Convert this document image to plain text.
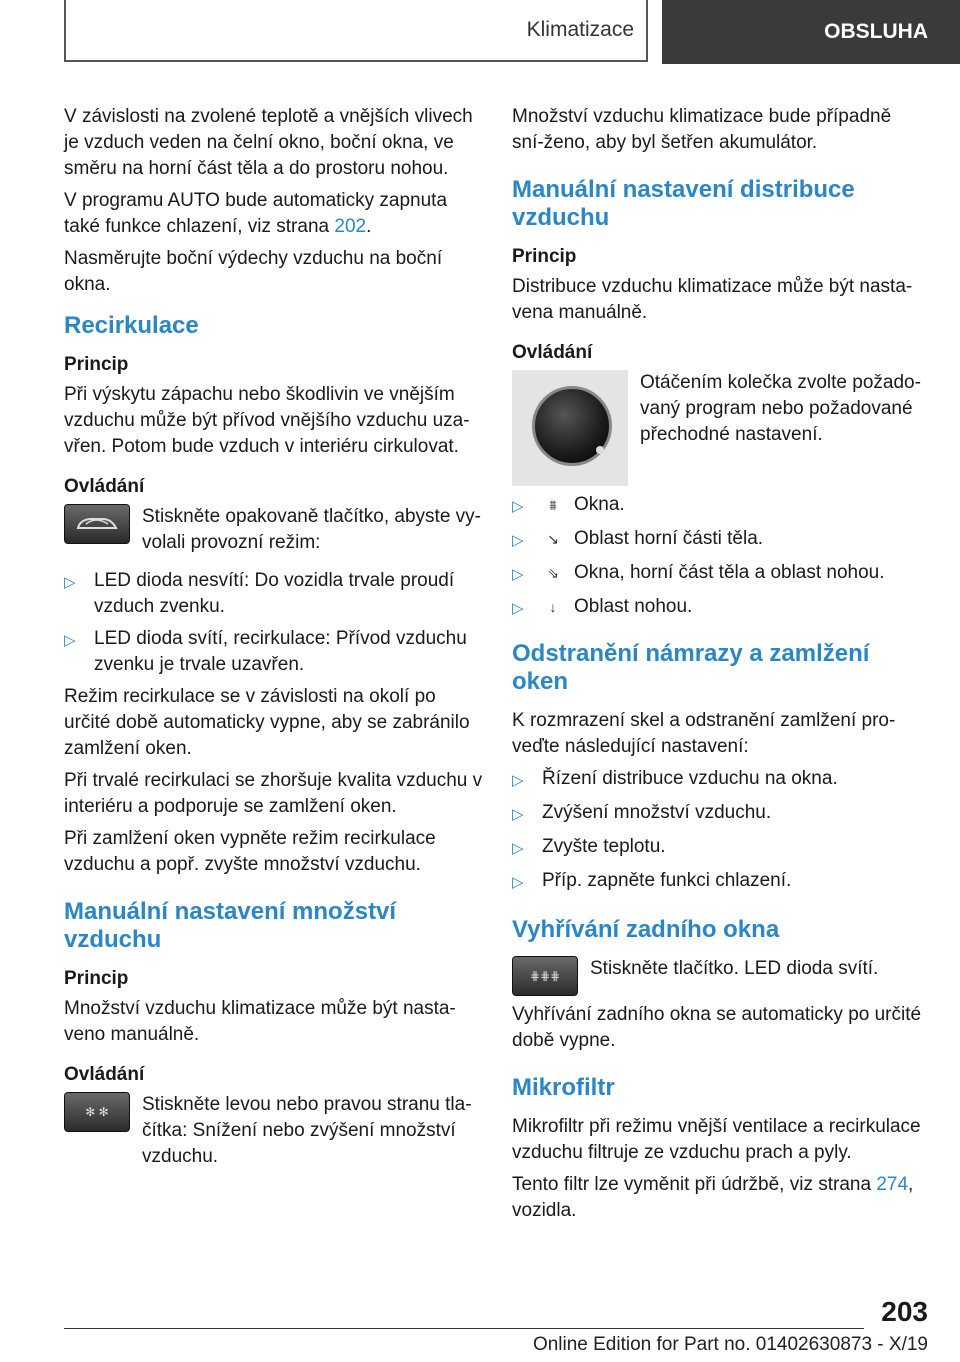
Klimatizace	OBSLUHA

V závislosti na zvolené teplotě a vnějších vlivech je vzduch veden na čelní okno, boční okna, ve směru na horní část těla a do prostoru nohou.

V programu AUTO bude automaticky zapnuta také funkce chlazení, viz strana 202.

Nasměrujte boční výdechy vzduchu na boční okna.

Recirkulace
Princip

Při výskytu zápachu nebo škodlivin ve vnějším vzduchu může být přívod vnějšího vzduchu uza-vřen. Potom bude vzduch v interiéru cirkulovat.

Ovládání

Stiskněte opakovaně tlačítko, abyste vy-volali provozní režim:

▷ LED dioda nesvítí: Do vozidla trvale proudí vzduch zvenku.
▷ LED dioda svítí, recirkulace: Přívod vzduchu zvenku je trvale uzavřen.

Režim recirkulace se v závislosti na okolí po určité době automaticky vypne, aby se zabránilo zamlžení oken.

Při trvalé recirkulaci se zhoršuje kvalita vzduchu v interiéru a podporuje se zamlžení oken.

Při zamlžení oken vypněte režim recirkulace vzduchu a popř. zvyšte množství vzduchu.

Manuální nastavení množství vzduchu
Princip

Množství vzduchu klimatizace může být nasta-veno manuálně.

Ovládání
✻ ✻	Stiskněte levou nebo pravou stranu tla-čítka: Snížení nebo zvýšení množství vzduchu.

Množství vzduchu klimatizace bude případně sní-ženo, aby byl šetřen akumulátor.

Manuální nastavení distribuce vzduchu
Princip

Distribuce vzduchu klimatizace může být nasta-vena manuálně.

Ovládání

Otáčením kolečka zvolte požado-vaný program nebo požadované přechodné nastavení.

▷	⩩ Okna.
▷	↘ Oblast horní části těla.
▷	⇘ Okna, horní část těla a oblast nohou.
▷	↓ Oblast nohou.
Odstranění námrazy a zamlžení oken

K rozmrazení skel a odstranění zamlžení pro-veďte následující nastavení:

▷ Řízení distribuce vzduchu na okna.
▷ Zvýšení množství vzduchu.
▷ Zvyšte teplotu.
▷ Příp. zapněte funkci chlazení.
Vyhřívání zadního okna
⋕⋕⋕	Stiskněte tlačítko. LED dioda svítí.

Vyhřívání zadního okna se automaticky po určité době vypne.

Mikrofiltr

Mikrofiltr při režimu vnější ventilace a recirkulace vzduchu filtruje ze vzduchu prach a pyly.

Tento filtr lze vyměnit při údržbě, viz strana 274, vozidla.

203
Online Edition for Part no. 01402630873 - X/19
